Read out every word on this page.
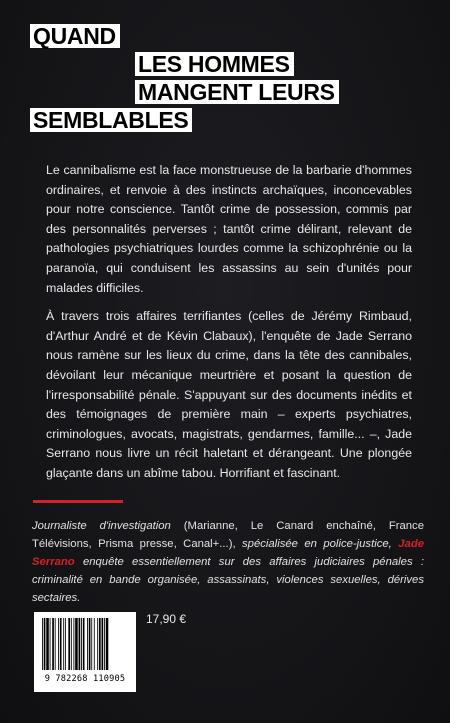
QUAND
LES HOMMES
MANGENT LEURS
SEMBLABLES

Le cannibalisme est la face monstrueuse de la barbarie d'hommes ordinaires, et renvoie à des instincts archaïques, inconcevables pour notre conscience. Tantôt crime de possession, commis par des personnalités perverses ; tantôt crime délirant, relevant de pathologies psychiatriques lourdes comme la schizophrénie ou la paranoïa, qui conduisent les assassins au sein d'unités pour malades difficiles.

À travers trois affaires terrifiantes (celles de Jérémy Rimbaud, d'Arthur André et de Kévin Clabaux), l'enquête de Jade Serrano nous ramène sur les lieux du crime, dans la tête des cannibales, dévoilant leur mécanique meurtrière et posant la question de l'irresponsabilité pénale. S'appuyant sur des documents inédits et des témoignages de première main – experts psychiatres, criminologues, avocats, magistrats, gendarmes, famille... –, Jade Serrano nous livre un récit haletant et dérangeant. Une plongée glaçante dans un abîme tabou. Horrifiant et fascinant.

Journaliste d'investigation (Marianne, Le Canard enchaîné, France Télévisions, Prisma presse, Canal+...), spécialisée en police-justice, Jade Serrano enquête essentiellement sur des affaires judiciaires pénales : criminalité en bande organisée, assassinats, violences sexuelles, dérives sectaires.
9 782268 110905
17,90 €
